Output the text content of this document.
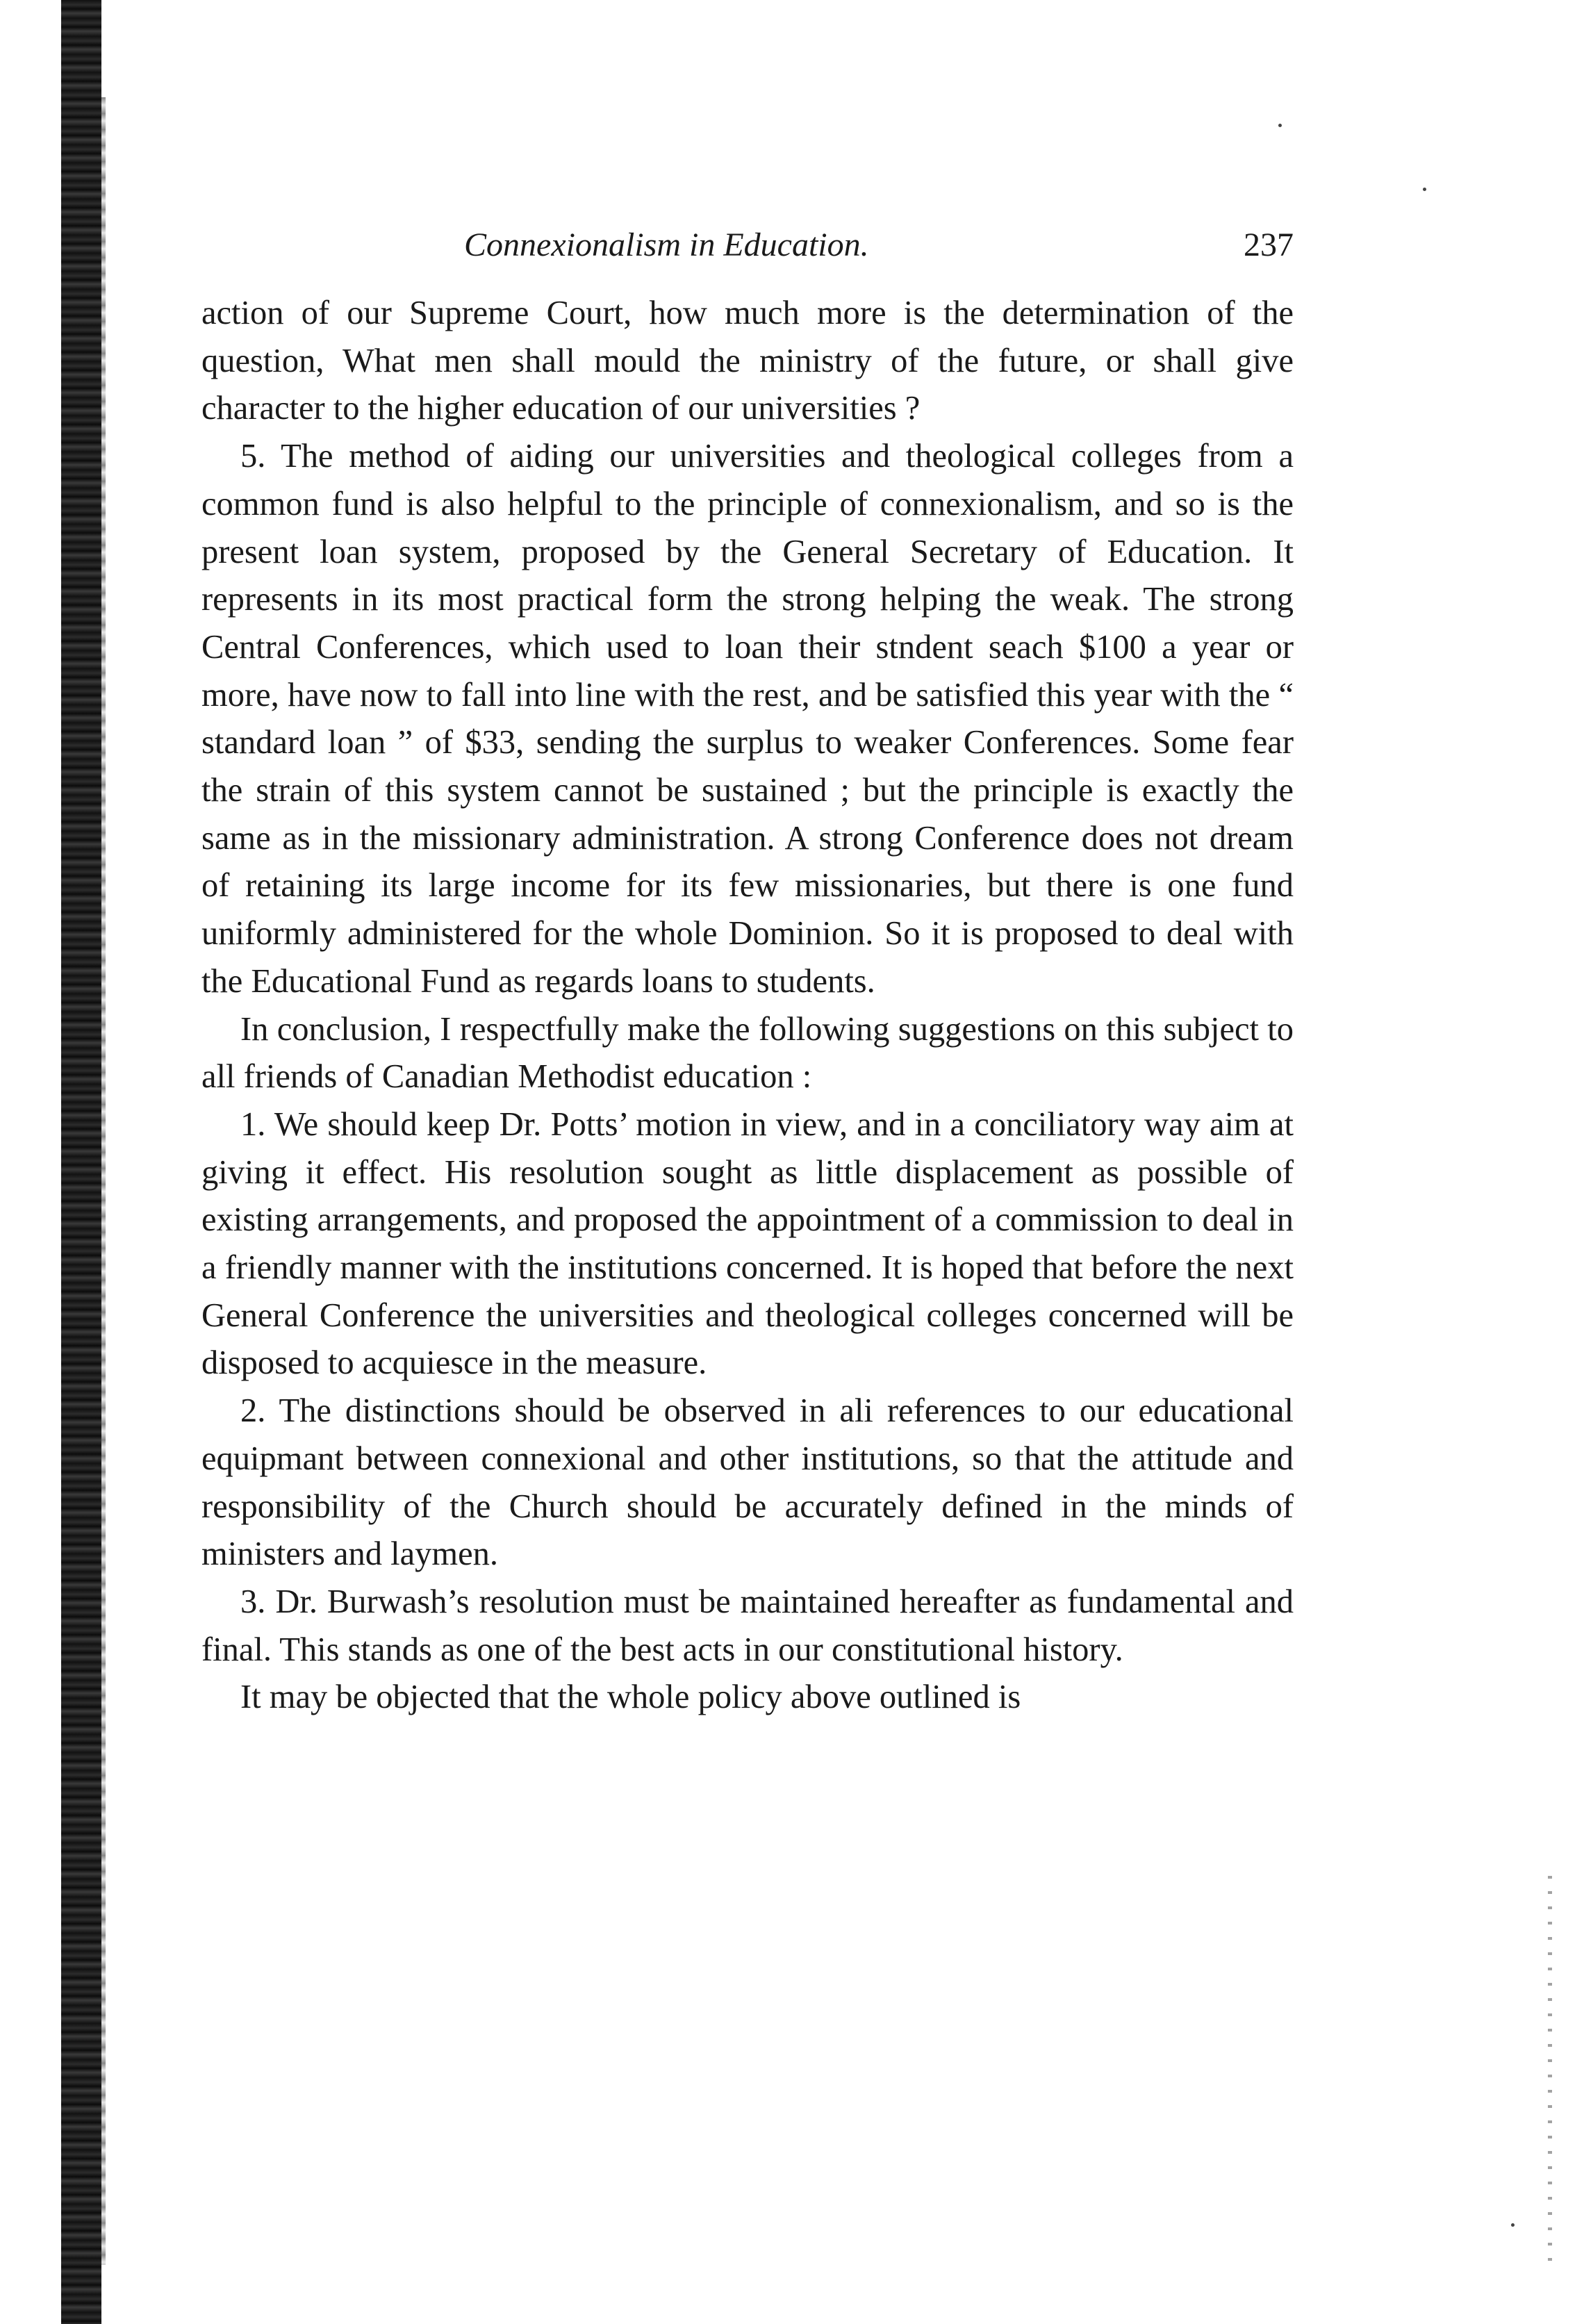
Connexionalism in Education.	237

action of our Supreme Court, how much more is the determination of the question, What men shall mould the ministry of the future, or shall give character to the higher education of our universities ?

5. The method of aiding our universities and theological colleges from a common fund is also helpful to the principle of connexionalism, and so is the present loan system, proposed by the General Secretary of Education. It represents in its most practical form the strong helping the weak. The strong Central Conferences, which used to loan their stndent seach $100 a year or more, have now to fall into line with the rest, and be satisfied this year with the “ standard loan ” of $33, sending the surplus to weaker Conferences. Some fear the strain of this system cannot be sustained ; but the principle is exactly the same as in the missionary administration. A strong Conference does not dream of retaining its large income for its few missionaries, but there is one fund uniformly administered for the whole Dominion. So it is proposed to deal with the Educational Fund as regards loans to students.

In conclusion, I respectfully make the following suggestions on this subject to all friends of Canadian Methodist education :

1. We should keep Dr. Potts’ motion in view, and in a conciliatory way aim at giving it effect. His resolution sought as little displacement as possible of existing arrangements, and proposed the appointment of a commission to deal in a friendly manner with the institutions concerned. It is hoped that before the next General Conference the universities and theological colleges concerned will be disposed to acquiesce in the measure.

2. The distinctions should be observed in ali references to our educational equipmant between connexional and other institutions, so that the attitude and responsibility of the Church should be accurately defined in the minds of ministers and laymen.

3. Dr. Burwash’s resolution must be maintained hereafter as fundamental and final. This stands as one of the best acts in our constitutional history.

It may be objected that the whole policy above outlined is
